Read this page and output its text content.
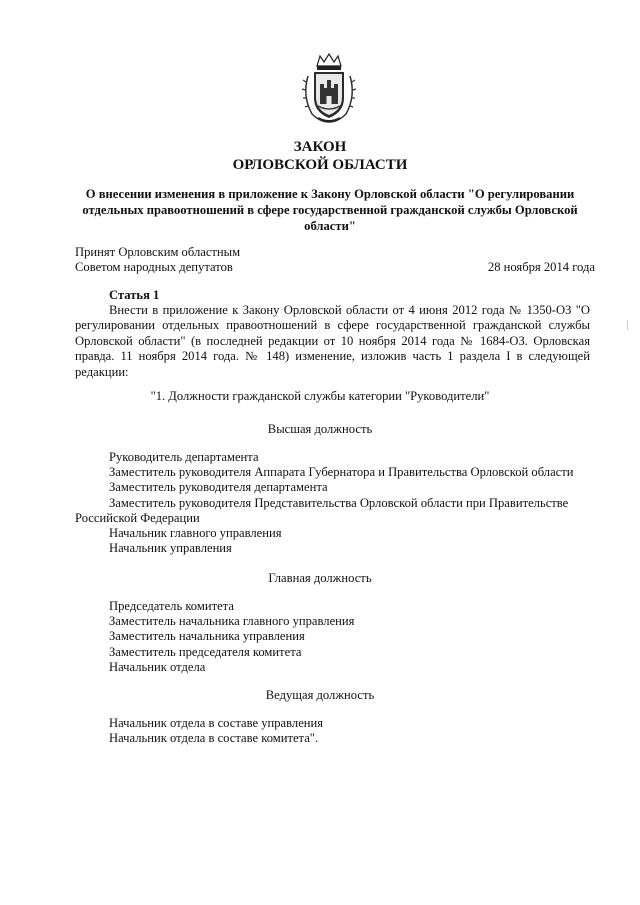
ЗАКОН
ОРЛОВСКОЙ ОБЛАСТИ
О внесении изменения в приложение к Закону Орловской области "О регулировании отдельных правоотношений в сфере государственной гражданской службы Орловской области"
Принят Орловским областным
Советом народных депутатов	28 ноября 2014 года
Статья 1
Внести в приложение к Закону Орловской области от 4 июня 2012 года № 1350-ОЗ "О регулировании отдельных правоотношений в сфере государственной гражданской службы Орловской области" (в последней редакции от 10 ноября 2014 года № 1684-ОЗ. Орловская правда. 11 ноября 2014 года. № 148) изменение, изложив часть 1 раздела I в следующей редакции:
"1. Должности гражданской службы категории "Руководители"
Высшая должность
Руководитель департамента
Заместитель руководителя Аппарата Губернатора и Правительства Орловской области
Заместитель руководителя департамента
Заместитель руководителя Представительства Орловской области при Правительстве Российской Федерации
Начальник главного управления
Начальник управления
Главная должность
Председатель комитета
Заместитель начальника главного управления
Заместитель начальника управления
Заместитель председателя комитета
Начальник отдела
Ведущая должность
Начальник отдела в составе управления
Начальник отдела в составе комитета".
